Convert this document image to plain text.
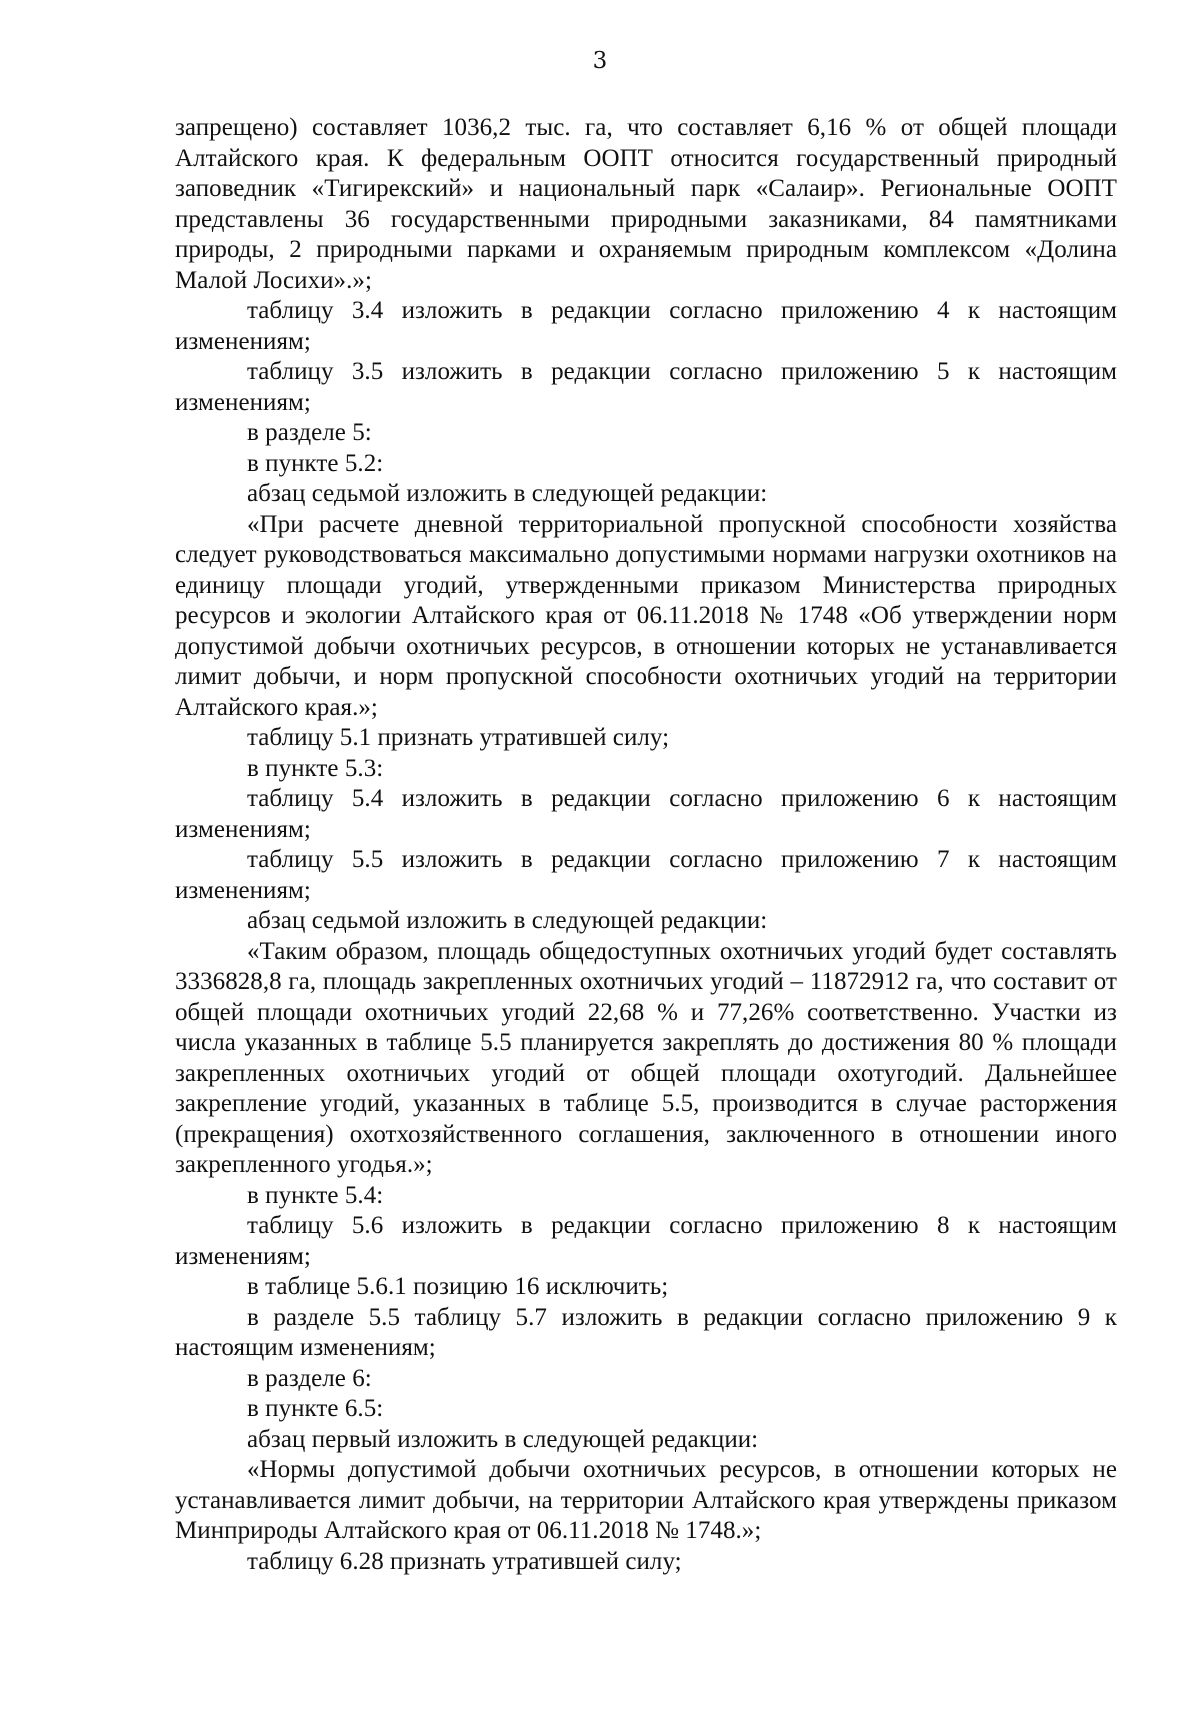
3

запрещено) составляет 1036,2 тыс. га, что составляет 6,16 % от общей площади Алтайского края. К федеральным ООПТ относится государственный природный заповедник «Тигирекский» и национальный парк «Салаир». Региональные ООПТ представлены 36 государственными природными заказниками, 84 памятниками природы, 2 природными парками и охраняемым природным комплексом «Долина Малой Лосихи».»;

таблицу 3.4 изложить в редакции согласно приложению 4 к настоящим изменениям;

таблицу 3.5 изложить в редакции согласно приложению 5 к настоящим изменениям;

в разделе 5:

в пункте 5.2:

абзац седьмой изложить в следующей редакции:

«При расчете дневной территориальной пропускной способности хозяйства следует руководствоваться максимально допустимыми нормами нагрузки охотников на единицу площади угодий, утвержденными приказом Министерства природных ресурсов и экологии Алтайского края от 06.11.2018 № 1748 «Об утверждении норм допустимой добычи охотничьих ресурсов, в отношении которых не устанавливается лимит добычи, и норм пропускной способности охотничьих угодий на территории Алтайского края.»;

таблицу 5.1 признать утратившей силу;

в пункте 5.3:

таблицу 5.4 изложить в редакции согласно приложению 6 к настоящим изменениям;

таблицу 5.5 изложить в редакции согласно приложению 7 к настоящим изменениям;

абзац седьмой изложить в следующей редакции:

«Таким образом, площадь общедоступных охотничьих угодий будет составлять 3336828,8 га, площадь закрепленных охотничьих угодий – 11872912 га, что составит от общей площади охотничьих угодий 22,68 % и 77,26% соответственно. Участки из числа указанных в таблице 5.5 планируется закреплять до достижения 80 % площади закрепленных охотничьих угодий от общей площади охотугодий. Дальнейшее закрепление угодий, указанных в таблице 5.5, производится в случае расторжения (прекращения) охотхозяйственного соглашения, заключенного в отношении иного закрепленного угодья.»;

в пункте 5.4:

таблицу 5.6 изложить в редакции согласно приложению 8 к настоящим изменениям;

в таблице 5.6.1 позицию 16 исключить;

в разделе 5.5 таблицу 5.7 изложить в редакции согласно приложению 9 к настоящим изменениям;

в разделе 6:

в пункте 6.5:

абзац первый изложить в следующей редакции:

«Нормы допустимой добычи охотничьих ресурсов, в отношении которых не устанавливается лимит добычи, на территории Алтайского края утверждены приказом Минприроды Алтайского края от 06.11.2018 № 1748.»;

таблицу 6.28 признать утратившей силу;
